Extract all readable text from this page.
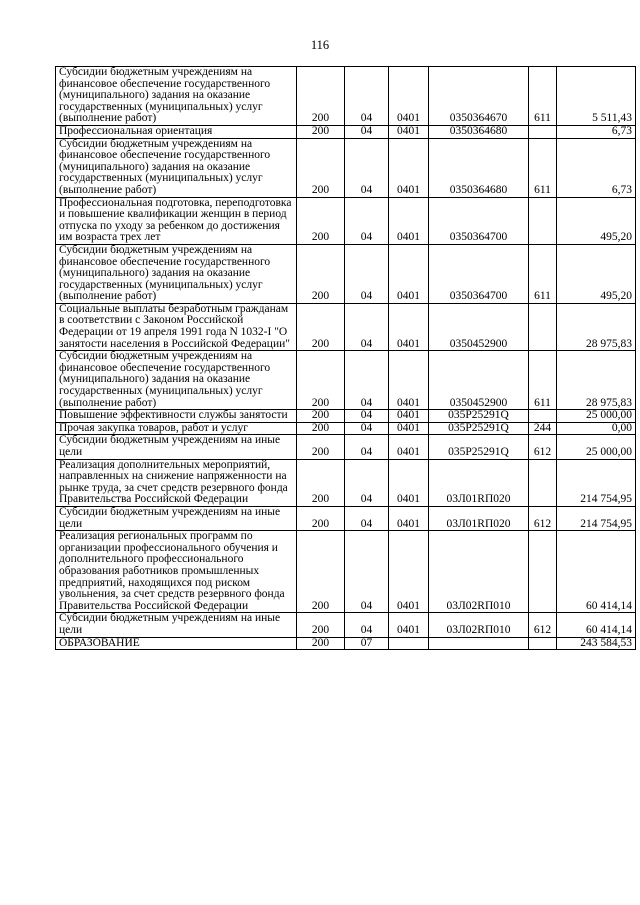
116
Субсидии бюджетным учреждениям на финансовое обеспечение государственного (муниципального) задания на оказание государственных (муниципальных) услуг (выполнение работ)	200	04	0401	0350364670	611	5 511,43
Профессиональная ориентация	200	04	0401	0350364680		6,73
Субсидии бюджетным учреждениям на финансовое обеспечение государственного (муниципального) задания на оказание государственных (муниципальных) услуг (выполнение работ)	200	04	0401	0350364680	611	6,73
Профессиональная подготовка, переподготовка и повышение квалификации женщин в период отпуска по уходу за ребенком до достижения им возраста трех лет	200	04	0401	0350364700		495,20
Субсидии бюджетным учреждениям на финансовое обеспечение государственного (муниципального) задания на оказание государственных (муниципальных) услуг (выполнение работ)	200	04	0401	0350364700	611	495,20
Социальные выплаты безработным гражданам в соответствии с Законом Российской Федерации от 19 апреля 1991 года N 1032-I "О занятости населения в Российской Федерации"	200	04	0401	0350452900		28 975,83
Субсидии бюджетным учреждениям на финансовое обеспечение государственного (муниципального) задания на оказание государственных (муниципальных) услуг (выполнение работ)	200	04	0401	0350452900	611	28 975,83
Повышение эффективности службы занятости	200	04	0401	035P25291Q		25 000,00
Прочая закупка товаров, работ и услуг	200	04	0401	035P25291Q	244	0,00
Субсидии бюджетным учреждениям на иные цели	200	04	0401	035P25291Q	612	25 000,00
Реализация дополнительных мероприятий, направленных на снижение напряженности на рынке труда, за счет средств резервного фонда Правительства Российской Федерации	200	04	0401	03Л01RП020		214 754,95
Субсидии бюджетным учреждениям на иные цели	200	04	0401	03Л01RП020	612	214 754,95
Реализация региональных программ по организации профессионального обучения и дополнительного профессионального образования работников промышленных предприятий, находящихся под риском увольнения, за счет средств резервного фонда Правительства Российской Федерации	200	04	0401	03Л02RП010		60 414,14
Субсидии бюджетным учреждениям на иные цели	200	04	0401	03Л02RП010	612	60 414,14
ОБРАЗОВАНИЕ	200	07				243 584,53
